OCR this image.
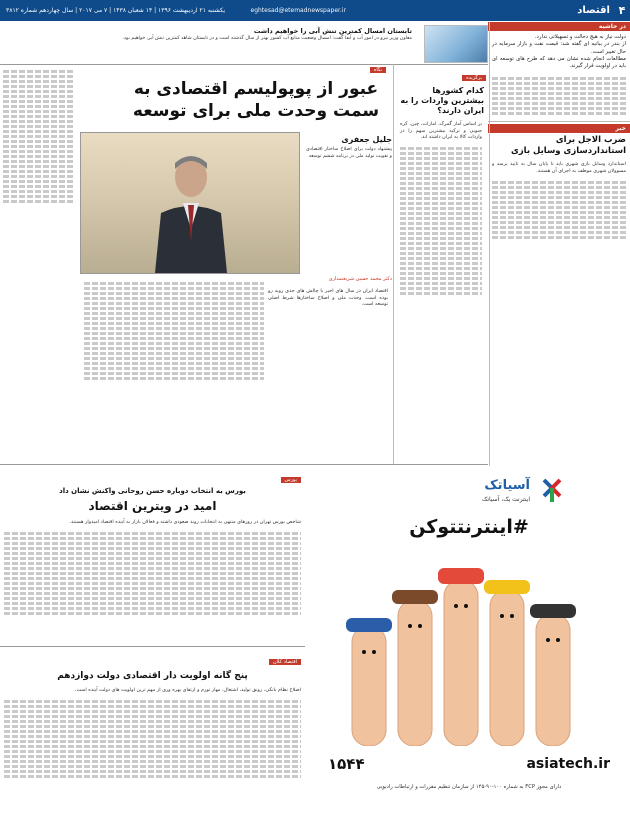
۴
اقتصاد
eghtesad@etemadnewspaper.ir
یکشنبه ۲۱ اردیبهشت ۱۳۹۶ | ۱۴ شعبان ۱۴۳۸ | ۷ می ۲۰۱۷ | سال چهاردهم شماره ۳۸۱۲
در حاشیه
دولت نیاز به هیچ دخالت و تسهیلاتی ندارد.
از بندر در بیانیه ای گفته شد: قیمت نفت و بازار سرمایه در حال تغییر است.
مطالعات انجام شده نشان می دهد که طرح های توسعه ای باید در اولویت قرار گیرند.
خبر
ضرب الاجل برای استانداردسازی وسایل بازی
استاندارد وسایل بازی شهری باید تا پایان سال به تایید برسد و مسوولان شهری موظف به اجرای آن هستند.
تابستان امسال کمترین تنش آبی را خواهیم داشت
معاون وزیر نیرو در امور آب و آبفا گفت: امسال وضعیت منابع آب کشور بهتر از سال گذشته است و در تابستان شاهد کمترین تنش آبی خواهیم بود.
برگزیده
کدام کشورها بیشترین واردات را به ایران دارند؟
بر اساس آمار گمرک، امارات، چین، کره جنوبی و ترکیه بیشترین سهم را در واردات کالا به ایران داشته اند.
نگاه
عبور از پوپولیسم اقتصادی به سمت وحدت ملی برای توسعه
جلیل جعفری
پیشنهاد دولت برای اصلاح ساختار اقتصادی و تقویت تولید ملی در برنامه ششم توسعه
دکتر محمد حسین شریعتمداری
اقتصاد ایران در سال های اخیر با چالش های جدی روبه رو بوده است. وحدت ملی و اصلاح ساختارها شرط اصلی توسعه است.
پورس
بورس به انتخاب دوباره حسن روحانی واکنش نشان داد
امید در ویترین اقتصاد
شاخص بورس تهران در روزهای منتهی به انتخابات روند صعودی داشته و فعالان بازار به آینده اقتصاد امیدوار هستند.
اقتصاد کلان
پنج گانه اولویت دار اقتصادی دولت دوازدهم
اصلاح نظام بانکی، رونق تولید، اشتغال، مهار تورم و ارتقای بهره وری از مهم ترین اولویت های دولت آینده است.
آسیاتک
اینترنت یک، آسیاتک
#اینترنتتوکن
asiatech.ir
۱۵۴۴
دارای مجوز FCP به شماره ۱۰۰-۹۰-۱۴۵ از سازمان تنظیم مقررات و ارتباطات رادیویی
